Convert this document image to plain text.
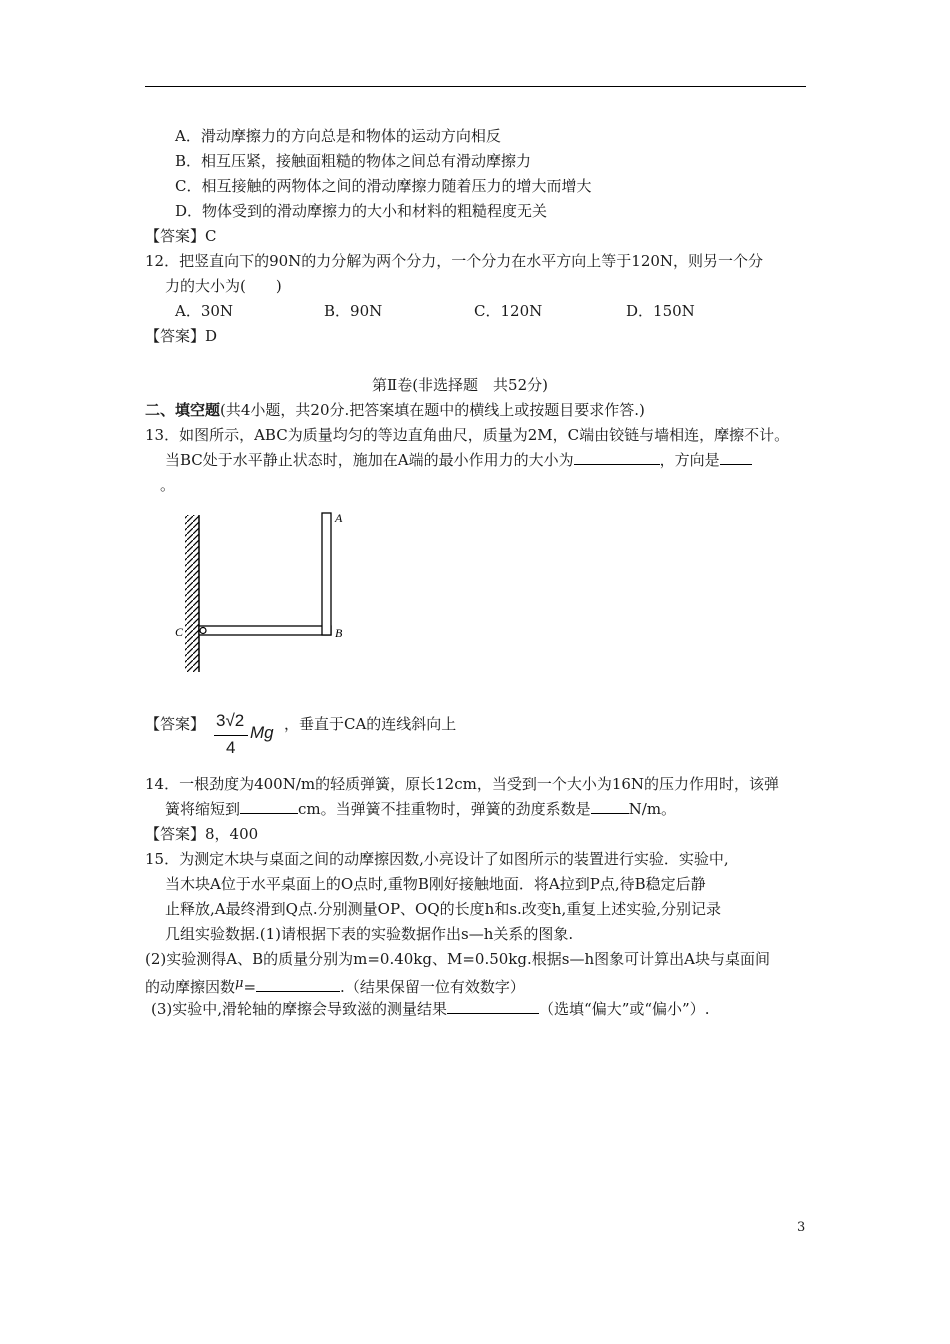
A．滑动摩擦力的方向总是和物体的运动方向相反
B．相互压紧，接触面粗糙的物体之间总有滑动摩擦力
C．相互接触的两物体之间的滑动摩擦力随着压力的增大而增大
D．物体受到的滑动摩擦力的大小和材料的粗糙程度无关
【答案】C
12．把竖直向下的90N的力分解为两个分力，一个分力在水平方向上等于120N，则另一个分
力的大小为(　　)
A．30N	B．90N	C．120N	D．150N
【答案】D
第Ⅱ卷(非选择题　共52分)
二、填空题(共4小题，共20分.把答案填在题中的横线上或按题目要求作答.)
13．如图所示，ABC为质量均匀的等边直角曲尺，质量为2M，C端由铰链与墙相连，摩擦不计。
当BC处于水平静止状态时，施加在A端的最小作用力的大小为	，方向是
。
A
B
C
【答案】 3√2
4
Mg ，垂直于CA的连线斜向上
14．一根劲度为400N/m的轻质弹簧，原长12cm，当受到一个大小为16N的压力作用时，该弹
簧将缩短到	cm。当弹簧不挂重物时，弹簧的劲度系数是	N/m。
【答案】8，400
15．为测定木块与桌面之间的动摩擦因数,小亮设计了如图所示的装置进行实验．实验中,
当木块A位于水平桌面上的O点时,重物B刚好接触地面．将A拉到P点,待B稳定后静
止释放,A最终滑到Q点.分别测量OP、OQ的长度h和s.改变h,重复上述实验,分别记录
几组实验数据.(1)请根据下表的实验数据作出s—h关系的图象.
(2)实验测得A、B的质量分别为m=0.40kg、M=0.50kg.根据s—h图象可计算出A块与桌面间
的动摩擦因数μ=	.（结果保留一位有效数字）
(3)实验中,滑轮轴的摩擦会导致滋的测量结果	（选填“偏大”或“偏小”）.
3
